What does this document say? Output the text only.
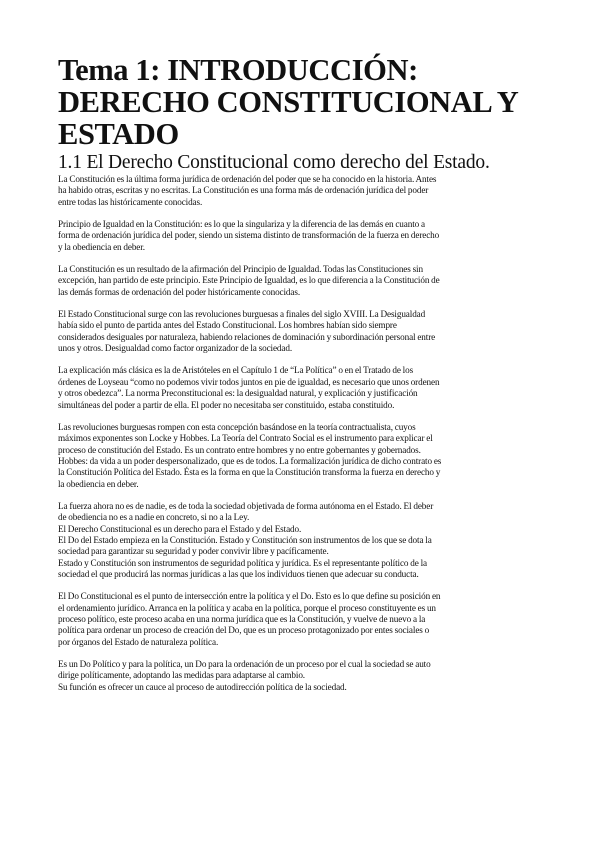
Tema 1: INTRODUCCIÓN:
DERECHO CONSTITUCIONAL Y
ESTADO
1.1 El Derecho Constitucional como derecho del Estado.
La Constitución es la última forma jurídica de ordenación del poder que se ha conocido en la historia. Antes
ha habido otras, escritas y no escritas. La Constitución es una forma más de ordenación jurídica del poder
entre todas las históricamente conocidas.
Principio de Igualdad en la Constitución: es lo que la singulariza y la diferencia de las demás en cuanto a
forma de ordenación jurídica del poder, siendo un sistema distinto de transformación de la fuerza en derecho
y la obediencia en deber.
La Constitución es un resultado de la afirmación del Principio de Igualdad. Todas las Constituciones sin
excepción, han partido de este principio. Este Principio de Igualdad, es lo que diferencia a la Constitución de
las demás formas de ordenación del poder históricamente conocidas.
El Estado Constitucional surge con las revoluciones burguesas a finales del siglo XVIII. La Desigualdad
había sido el punto de partida antes del Estado Constitucional. Los hombres habían sido siempre
considerados desiguales por naturaleza, habiendo relaciones de dominación y subordinación personal entre
unos y otros. Desigualdad como factor organizador de la sociedad.
La explicación más clásica es la de Aristóteles en el Capítulo 1 de “La Política” o en el Tratado de los
órdenes de Loyseau “como no podemos vivir todos juntos en pie de igualdad, es necesario que unos ordenen
y otros obedezca”. La norma Preconstitucional es: la desigualdad natural, y explicación y justificación
simultáneas del poder a partir de ella. El poder no necesitaba ser constituido, estaba constituido.
Las revoluciones burguesas rompen con esta concepción basándose en la teoría contractualista, cuyos
máximos exponentes son Locke y Hobbes. La Teoría del Contrato Social es el instrumento para explicar el
proceso de constitución del Estado. Es un contrato entre hombres y no entre gobernantes y gobernados.
Hobbes: da vida a un poder despersonalizado, que es de todos. La formalización jurídica de dicho contrato es
la Constitución Política del Estado. Ésta es la forma en que la Constitución transforma la fuerza en derecho y
la obediencia en deber.
La fuerza ahora no es de nadie, es de toda la sociedad objetivada de forma autónoma en el Estado. El deber
de obediencia no es a nadie en concreto, si no a la Ley.
El Derecho Constitucional es un derecho para el Estado y del Estado.
El Do del Estado empieza en la Constitución. Estado y Constitución son instrumentos de los que se dota la
sociedad para garantizar su seguridad y poder convivir libre y pacíficamente.
Estado y Constitución son instrumentos de seguridad política y jurídica. Es el representante político de la
sociedad el que producirá las normas jurídicas a las que los individuos tienen que adecuar su conducta.
El Do Constitucional es el punto de intersección entre la política y el Do. Esto es lo que define su posición en
el ordenamiento jurídico. Arranca en la política y acaba en la política, porque el proceso constituyente es un
proceso político, este proceso acaba en una norma jurídica que es la Constitución, y vuelve de nuevo a la
política para ordenar un proceso de creación del Do, que es un proceso protagonizado por entes sociales o
por órganos del Estado de naturaleza política.
Es un Do Político y para la política, un Do para la ordenación de un proceso por el cual la sociedad se auto
dirige políticamente, adoptando las medidas para adaptarse al cambio.
Su función es ofrecer un cauce al proceso de autodirección política de la sociedad.
